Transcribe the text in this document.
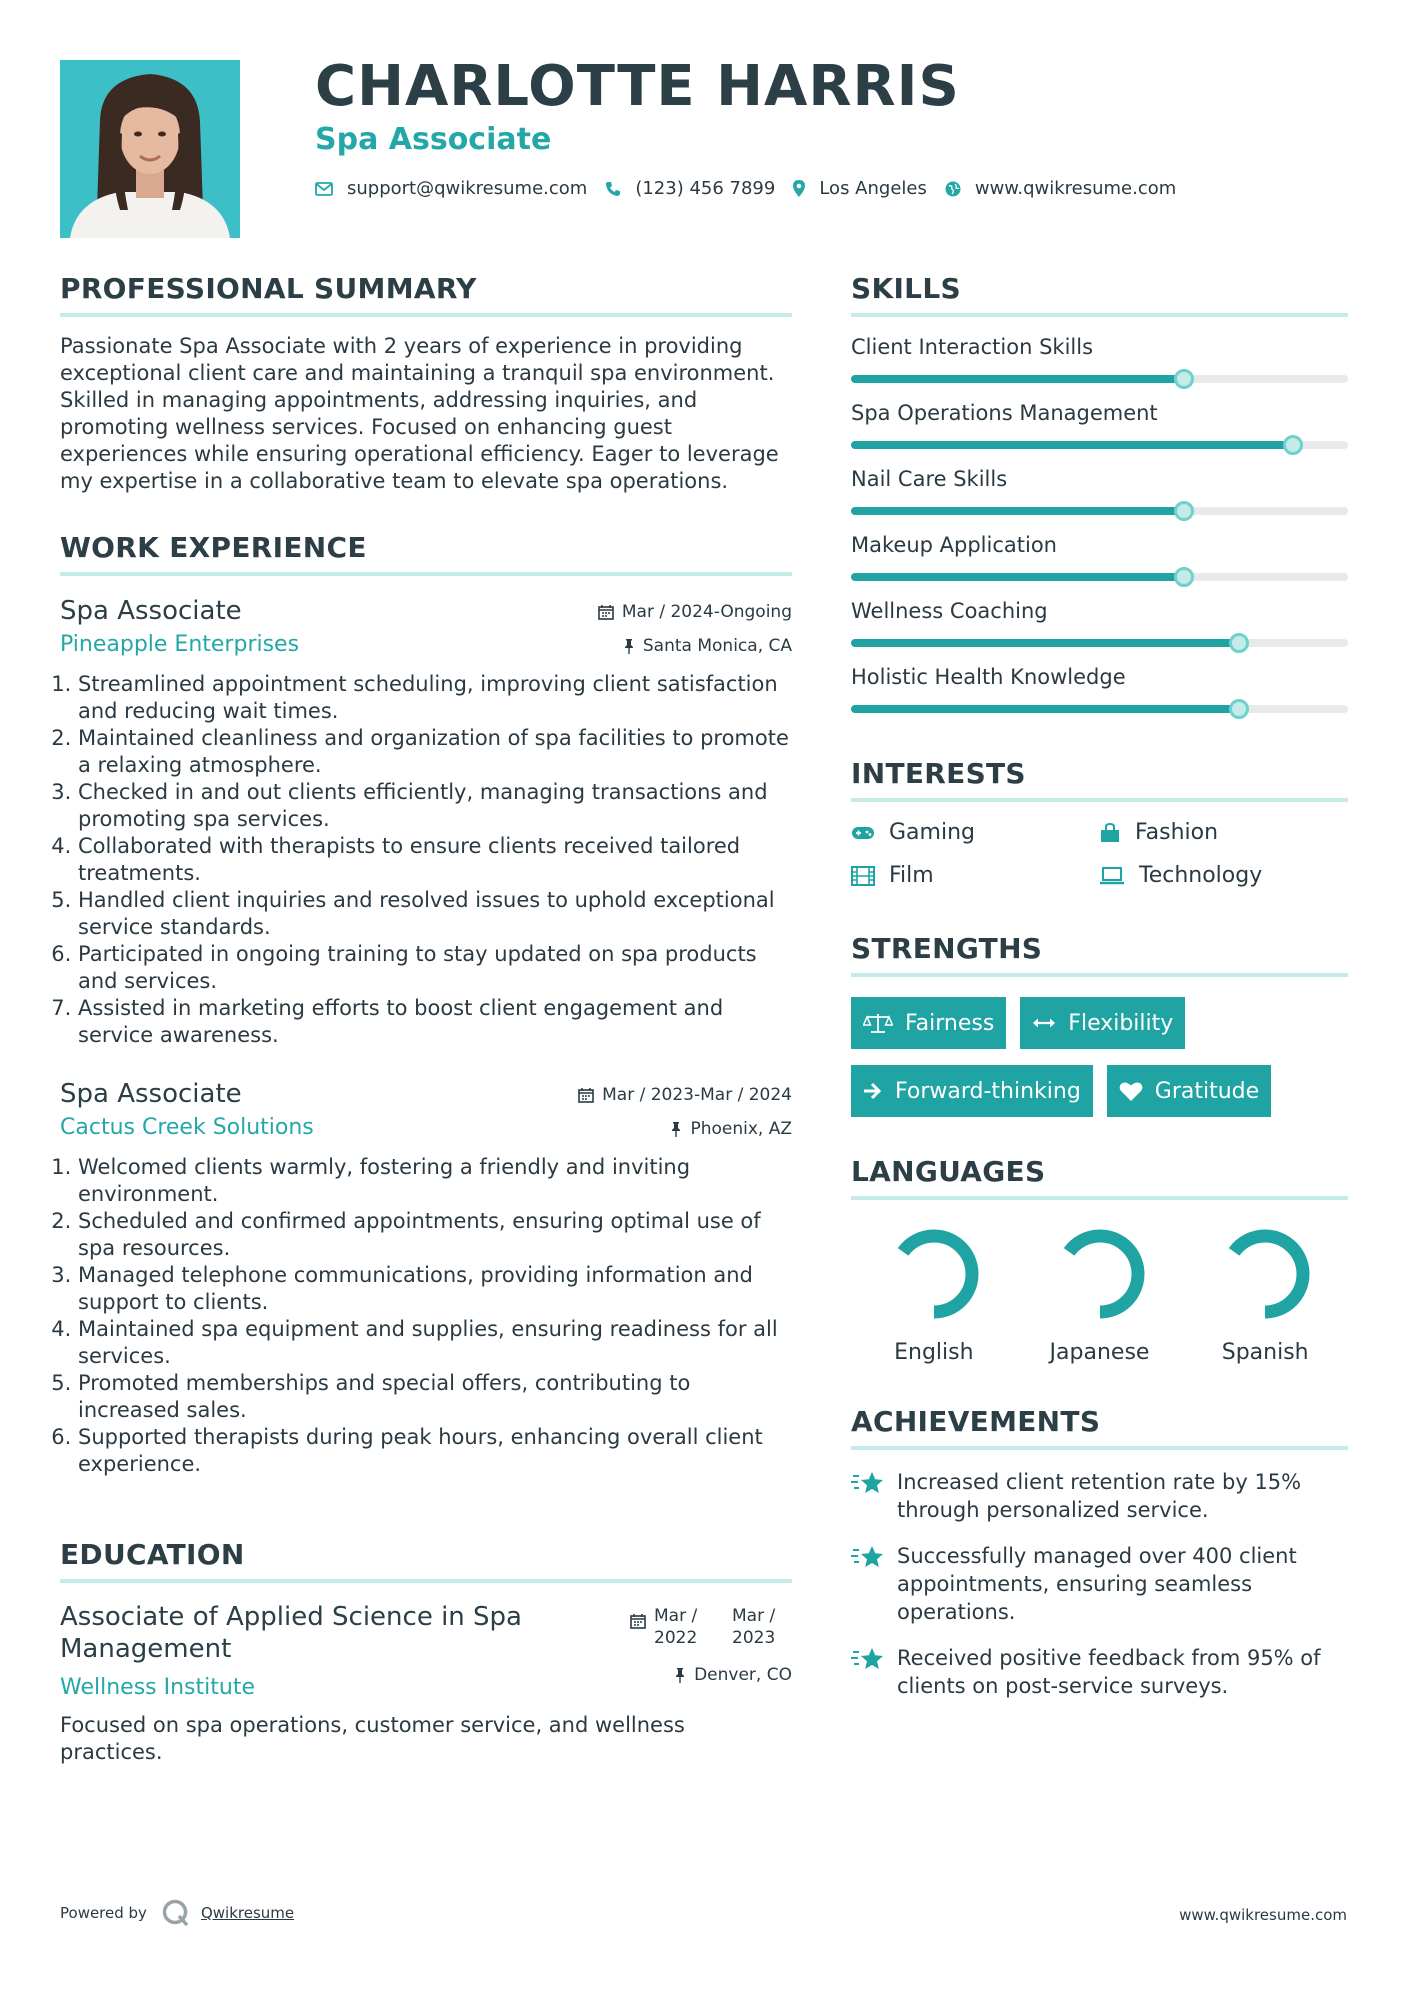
CHARLOTTE HARRIS
Spa Associate
support@qwikresume.com	(123) 456 7899 Los Angeles	www.qwikresume.com
PROFESSIONAL SUMMARY

Passionate Spa Associate with 2 years of experience in providing exceptional client care and maintaining a tranquil spa environment. Skilled in managing appointments, addressing inquiries, and promoting wellness services. Focused on enhancing guest experiences while ensuring operational efficiency. Eager to leverage my expertise in a collaborative team to elevate spa operations.

WORK EXPERIENCE

Spa Associate

Pineapple Enterprises

Mar / 2024-Ongoing
Santa Monica, CA
1. Streamlined appointment scheduling, improving client satisfaction and reducing wait times.
2. Maintained cleanliness and organization of spa facilities to promote a relaxing atmosphere.
3. Checked in and out clients efficiently, managing transactions and promoting spa services.
4. Collaborated with therapists to ensure clients received tailored treatments.
5. Handled client inquiries and resolved issues to uphold exceptional service standards.
6. Participated in ongoing training to stay updated on spa products and services.
7. Assisted in marketing efforts to boost client engagement and service awareness.

Spa Associate

Cactus Creek Solutions

Mar / 2023-Mar / 2024
Phoenix, AZ
1. Welcomed clients warmly, fostering a friendly and inviting environment.
2. Scheduled and confirmed appointments, ensuring optimal use of spa resources.
3. Managed telephone communications, providing information and support to clients.
4. Maintained spa equipment and supplies, ensuring readiness for all services.
5. Promoted memberships and special offers, contributing to increased sales.
6. Supported therapists during peak hours, enhancing overall client experience.
EDUCATION

Associate of Applied Science in Spa Management

Wellness Institute

Mar / 2022
Mar / 2023
Denver, CO

Focused on spa operations, customer service, and wellness practices.

SKILLS

Client Interaction Skills

Spa Operations Management

Nail Care Skills

Makeup Application

Wellness Coaching

Holistic Health Knowledge

INTERESTS
Gaming	Fashion
Film	Technology
STRENGTHS
Fairness	Flexibility
Forward-thinking	Gratitude
LANGUAGES
English	Japanese	Spanish
ACHIEVEMENTS
Increased client retention rate by 15% through personalized service.
Successfully managed over 400 client appointments, ensuring seamless operations.
Received positive feedback from 95% of clients on post-service surveys.
Powered by	Qwikresume	www.qwikresume.com
